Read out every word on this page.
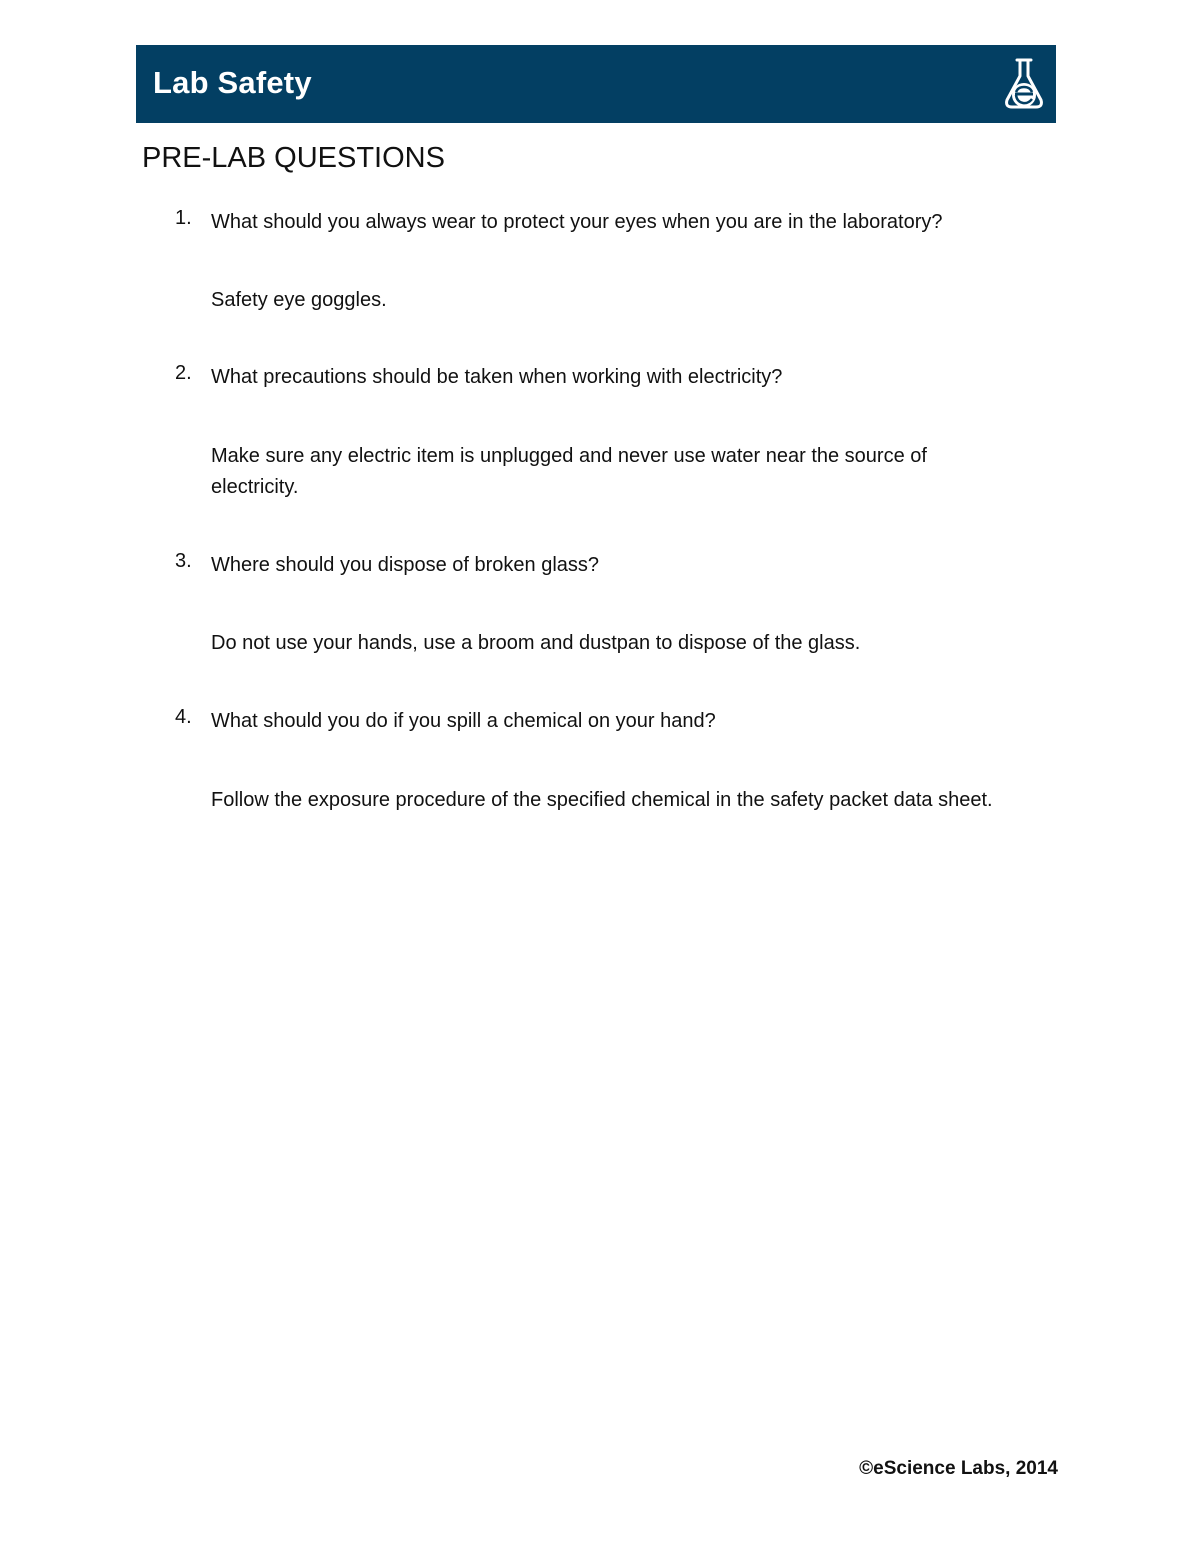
Lab Safety
PRE-LAB QUESTIONS
1. What should you always wear to protect your eyes when you are in the laboratory?
Safety eye goggles.
2. What precautions should be taken when working with electricity?
Make sure any electric item is unplugged and never use water near the source of electricity.
3. Where should you dispose of broken glass?
Do not use your hands, use a broom and dustpan to dispose of the glass.
4. What should you do if you spill a chemical on your hand?
Follow the exposure procedure of the specified chemical in the safety packet data sheet.
©eScience Labs, 2014
